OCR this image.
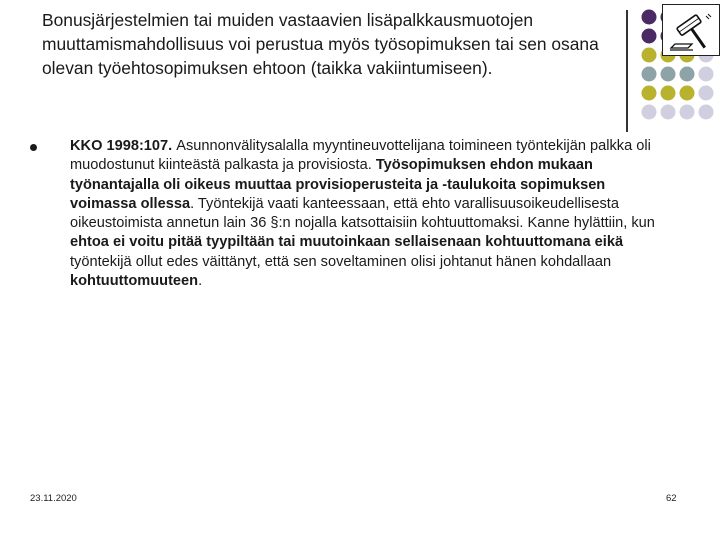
Bonusjärjestelmien tai muiden vastaavien lisäpalkkausmuotojen muuttamismahdollisuus voi perustua myös työsopimuksen tai sen osana olevan työehtosopimuksen ehtoon (taikka vakiintumiseen).

KKO 1998:107. Asunnonvälitysalalla myyntineuvottelijana toimineen työntekijän palkka oli muodostunut kiinteästä palkasta ja provisiosta. Työsopimuksen ehdon mukaan työnantajalla oli oikeus muuttaa provisioperusteita ja -taulukoita sopimuksen voimassa ollessa. Työntekijä vaati kanteessaan, että ehto varallisuusoikeudellisesta oikeustoimista annetun lain 36 §:n nojalla katsottaisiin kohtuuttomaksi. Kanne hylättiin, kun ehtoa ei voitu pitää tyypiltään tai muutoinkaan sellaisenaan kohtuuttomana eikä työntekijä ollut edes väittänyt, että sen soveltaminen olisi johtanut hänen kohdallaan kohtuuttomuuteen.

23.11.2020	62
